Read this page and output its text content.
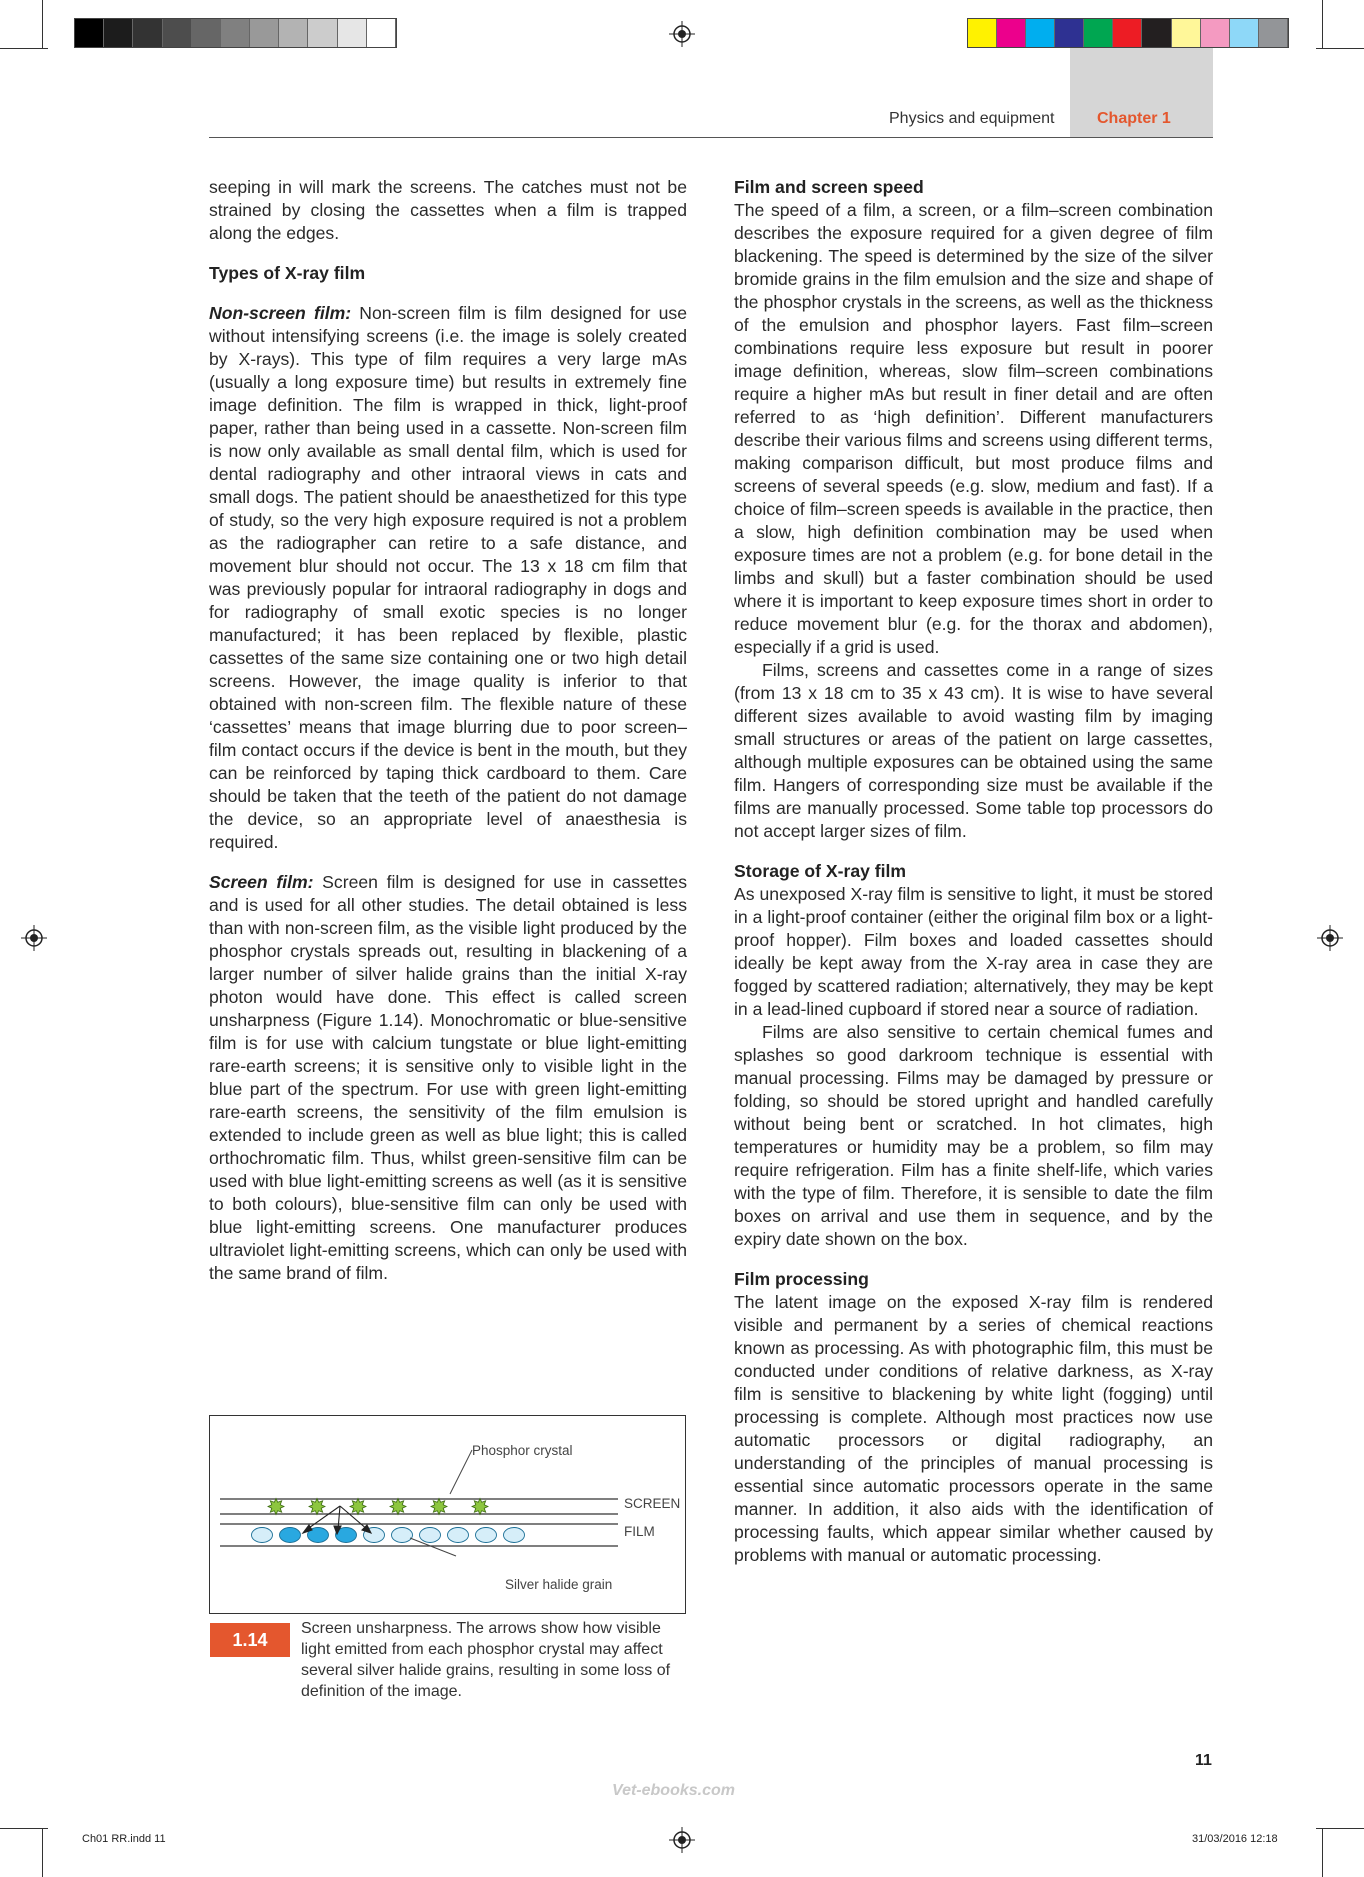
Physics and equipment	Chapter 1

seeping in will mark the screens. The catches must not be strained by closing the cassettes when a film is trapped along the edges.

Types of X-ray film

Non-screen film: Non-screen film is film designed for use without intensifying screens (i.e. the image is solely created by X-rays). This type of film requires a very large mAs (usually a long exposure time) but results in extremely fine image definition. The film is wrapped in thick, light-proof paper, rather than being used in a cassette. Non-screen film is now only available as small dental film, which is used for dental radiography and other intraoral views in cats and small dogs. The patient should be anaesthetized for this type of study, so the very high exposure required is not a problem as the radiographer can retire to a safe distance, and movement blur should not occur. The 13 x 18 cm film that was previously popular for intraoral radiography in dogs and for radiography of small exotic species is no longer manufactured; it has been replaced by flexible, plastic cassettes of the same size containing one or two high detail screens. However, the image quality is inferior to that obtained with non-screen film. The flexible nature of these ‘cassettes’ means that image blurring due to poor screen–film contact occurs if the device is bent in the mouth, but they can be reinforced by taping thick cardboard to them. Care should be taken that the teeth of the patient do not damage the device, so an appropriate level of anaesthesia is required.

Screen film: Screen film is designed for use in cassettes and is used for all other studies. The detail obtained is less than with non-screen film, as the visible light produced by the phosphor crystals spreads out, resulting in blackening of a larger number of silver halide grains than the initial X-ray photon would have done. This effect is called screen unsharpness (Figure 1.14). Monochromatic or blue-sensitive film is for use with calcium tungstate or blue light-emitting rare-earth screens; it is sensitive only to visible light in the blue part of the spectrum. For use with green light-emitting rare-earth screens, the sensitivity of the film emulsion is extended to include green as well as blue light; this is called orthochromatic film. Thus, whilst green-sensitive film can be used with blue light-emitting screens as well (as it is sensitive to both colours), blue-sensitive film can only be used with blue light-emitting screens. One manufacturer produces ultraviolet light-emitting screens, which can only be used with the same brand of film.

Phosphor crystal
SCREEN
FILM
Silver halide grain
1.14
Screen unsharpness. The arrows show how visible light emitted from each phosphor crystal may affect several silver halide grains, resulting in some loss of definition of the image.
Film and screen speed

The speed of a film, a screen, or a film–screen combination describes the exposure required for a given degree of film blackening. The speed is determined by the size of the silver bromide grains in the film emulsion and the size and shape of the phosphor crystals in the screens, as well as the thickness of the emulsion and phosphor layers. Fast film–screen combinations require less exposure but result in poorer image definition, whereas, slow film–screen combinations require a higher mAs but result in finer detail and are often referred to as ‘high definition’. Different manufacturers describe their various films and screens using different terms, making comparison difficult, but most produce films and screens of several speeds (e.g. slow, medium and fast). If a choice of film–screen speeds is available in the practice, then a slow, high definition combination may be used when exposure times are not a problem (e.g. for bone detail in the limbs and skull) but a faster combination should be used where it is important to keep exposure times short in order to reduce movement blur (e.g. for the thorax and abdomen), especially if a grid is used.

Films, screens and cassettes come in a range of sizes (from 13 x 18 cm to 35 x 43 cm). It is wise to have several different sizes available to avoid wasting film by imaging small structures or areas of the patient on large cassettes, although multiple exposures can be obtained using the same film. Hangers of corresponding size must be available if the films are manually processed. Some table top processors do not accept larger sizes of film.

Storage of X-ray film

As unexposed X-ray film is sensitive to light, it must be stored in a light-proof container (either the original film box or a light-proof hopper). Film boxes and loaded cassettes should ideally be kept away from the X-ray area in case they are fogged by scattered radiation; alternatively, they may be kept in a lead-lined cupboard if stored near a source of radiation.

Films are also sensitive to certain chemical fumes and splashes so good darkroom technique is essential with manual processing. Films may be damaged by pressure or folding, so should be stored upright and handled carefully without being bent or scratched. In hot climates, high temperatures or humidity may be a problem, so film may require refrigeration. Film has a finite shelf-life, which varies with the type of film. Therefore, it is sensible to date the film boxes on arrival and use them in sequence, and by the expiry date shown on the box.

Film processing

The latent image on the exposed X-ray film is rendered visible and permanent by a series of chemical reactions known as processing. As with photographic film, this must be conducted under conditions of relative darkness, as X-ray film is sensitive to blackening by white light (fogging) until processing is complete. Although most practices now use automatic processors or digital radiography, an understanding of the principles of manual processing is essential since automatic processors operate in the same manner. In addition, it also aids with the identification of processing faults, which appear similar whether caused by problems with manual or automatic processing.

11
Vet-ebooks.com
Ch01 RR.indd 11	31/03/2016 12:18
